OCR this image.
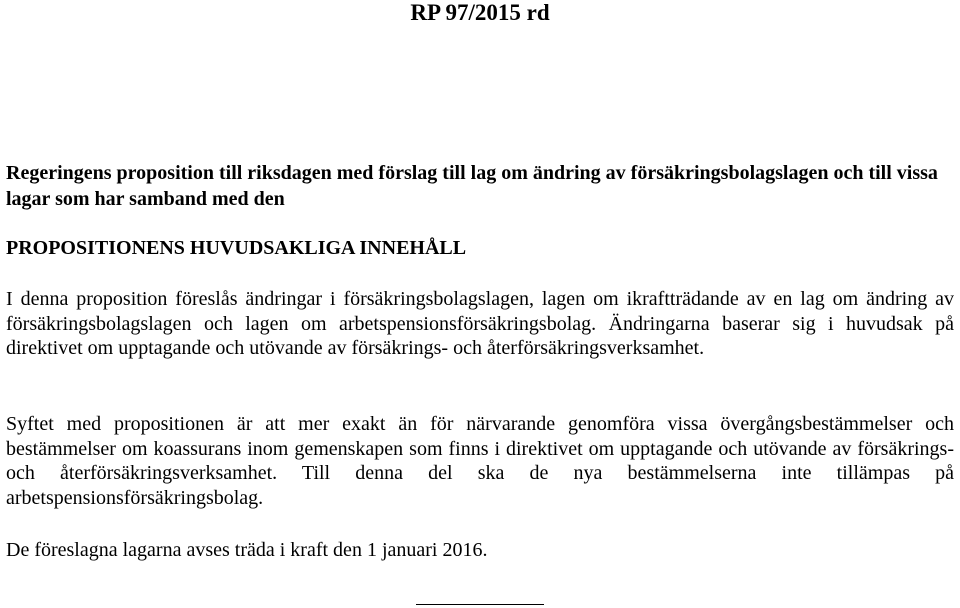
RP 97/2015 rd
Regeringens proposition till riksdagen med förslag till lag om ändring av försäkringsbolagslagen och till vissa lagar som har samband med den
PROPOSITIONENS HUVUDSAKLIGA INNEHÅLL

I denna proposition föreslås ändringar i försäkringsbolagslagen, lagen om ikraftträdande av en lag om ändring av försäkringsbolagslagen och lagen om arbetspensionsförsäkringsbolag. Ändringarna baserar sig i huvudsak på direktivet om upptagande och utövande av försäkrings- och återförsäkringsverksamhet.

Syftet med propositionen är att mer exakt än för närvarande genomföra vissa övergångsbestämmelser och bestämmelser om koassurans inom gemenskapen som finns i direktivet om upptagande och utövande av försäkrings- och återförsäkringsverksamhet. Till denna del ska de nya bestämmelserna inte tillämpas på arbetspensionsförsäkringsbolag.

De föreslagna lagarna avses träda i kraft den 1 januari 2016.
